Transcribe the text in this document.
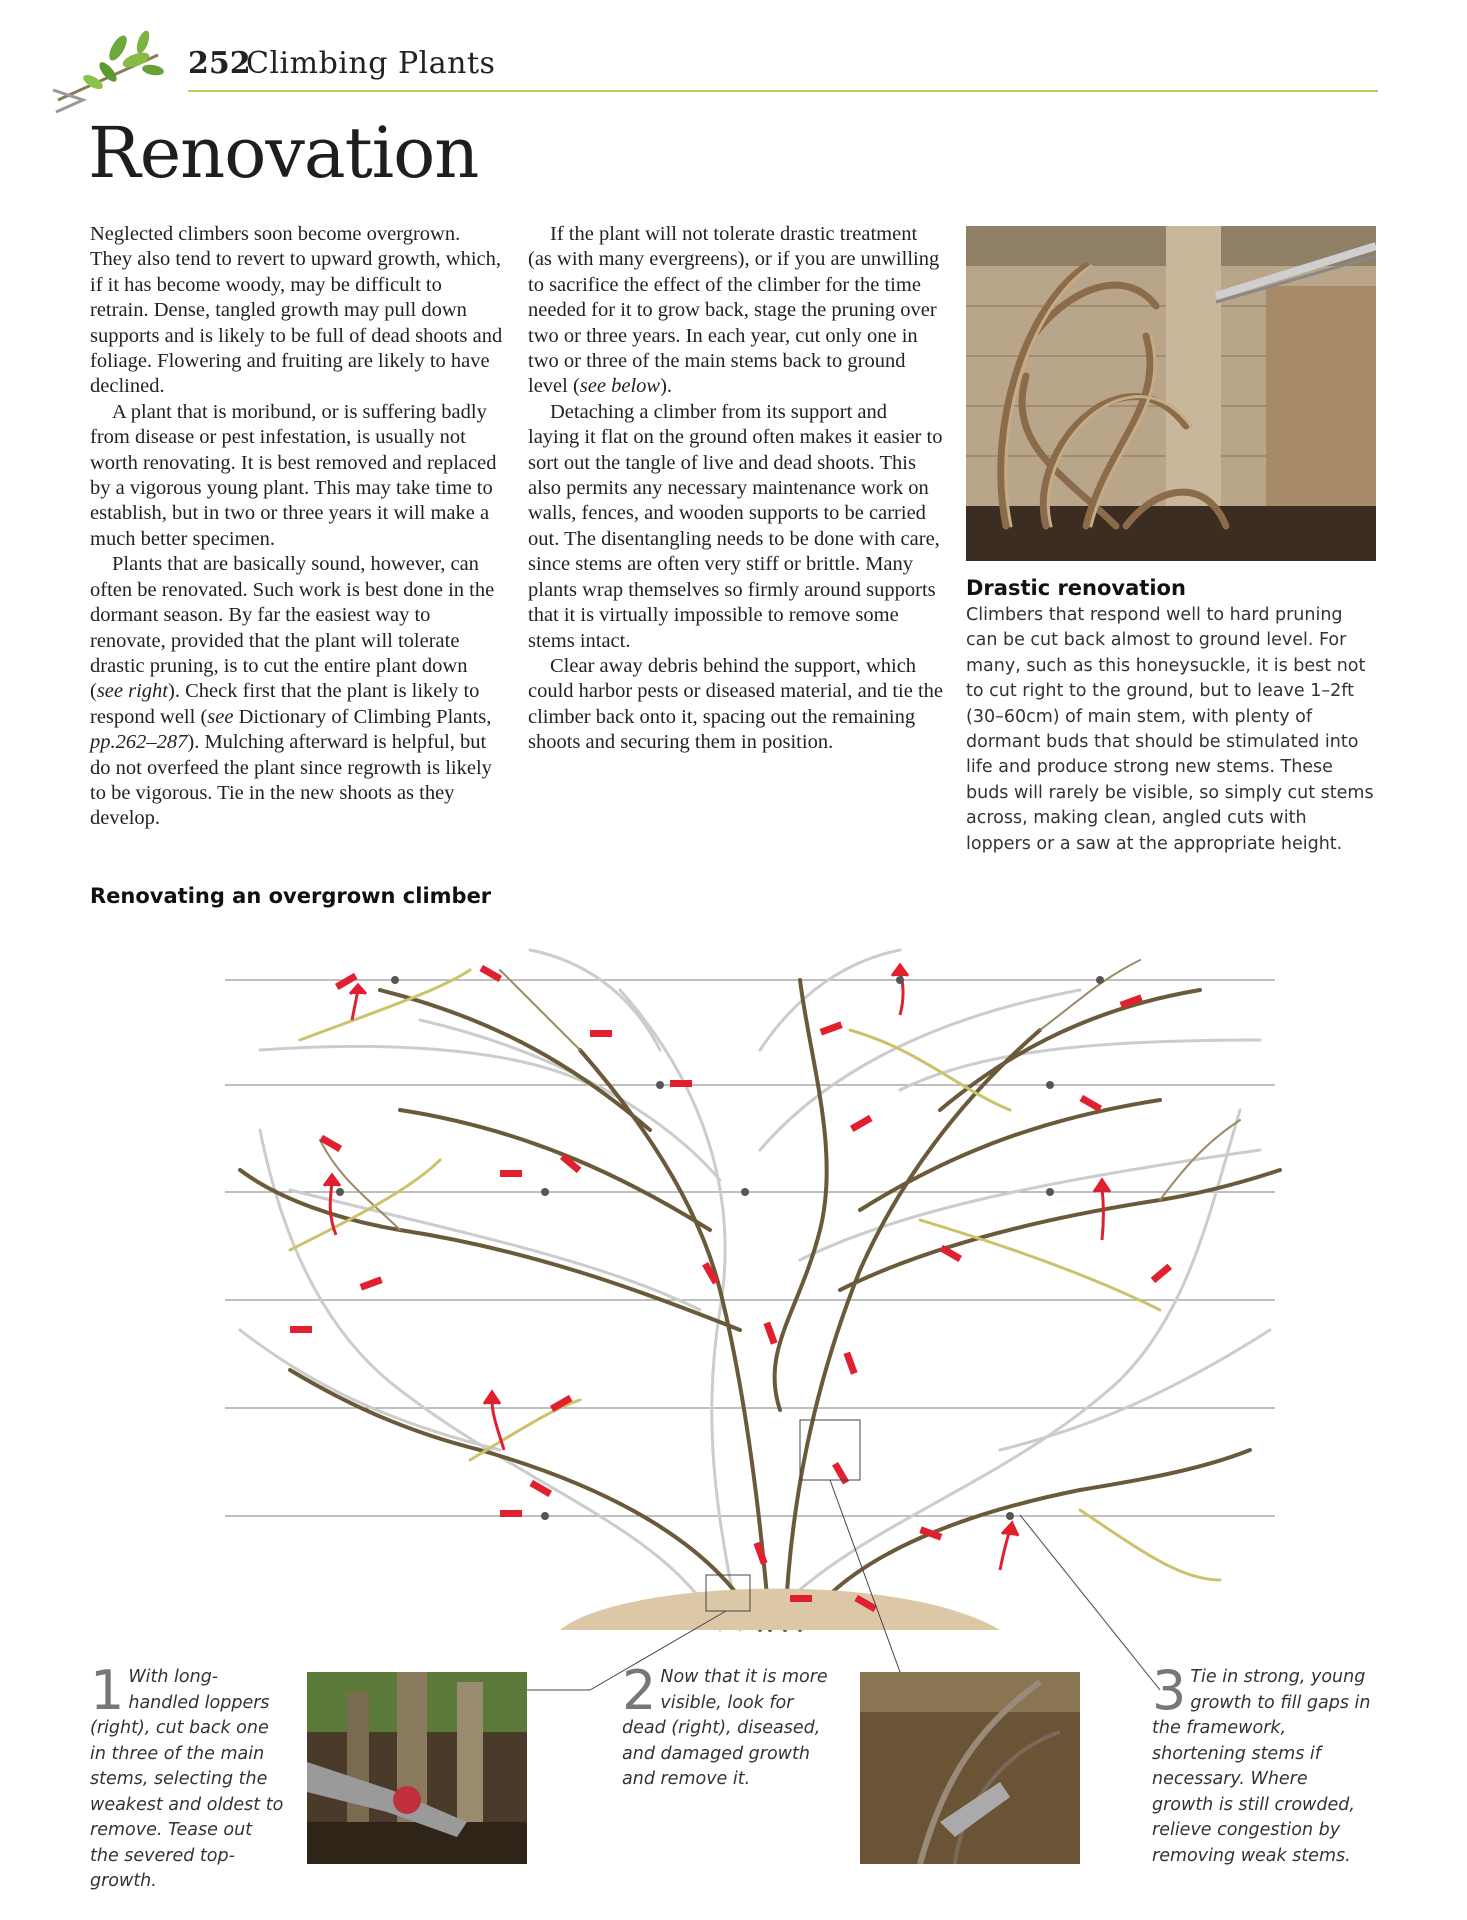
252
Climbing Plants
Renovation

Neglected climbers soon become overgrown. They also tend to revert to upward growth, which, if it has become woody, may be difficult to retrain. Dense, tangled growth may pull down supports and is likely to be full of dead shoots and foliage. Flowering and fruiting are likely to have declined.

A plant that is moribund, or is suffering badly from disease or pest infestation, is usually not worth renovating. It is best removed and replaced by a vigorous young plant. This may take time to establish, but in two or three years it will make a much better specimen.

Plants that are basically sound, however, can often be renovated. Such work is best done in the dormant season. By far the easiest way to renovate, provided that the plant will tolerate drastic pruning, is to cut the entire plant down (see right). Check first that the plant is likely to respond well (see Dictionary of Climbing Plants, pp.262–287). Mulching afterward is helpful, but do not overfeed the plant since regrowth is likely to be vigorous. Tie in the new shoots as they develop.

If the plant will not tolerate drastic treatment (as with many evergreens), or if you are unwilling to sacrifice the effect of the climber for the time needed for it to grow back, stage the pruning over two or three years. In each year, cut only one in two or three of the main stems back to ground level (see below).

Detaching a climber from its support and laying it flat on the ground often makes it easier to sort out the tangle of live and dead shoots. This also permits any necessary maintenance work on walls, fences, and wooden supports to be carried out. The disentangling needs to be done with care, since stems are often very stiff or brittle. Many plants wrap themselves so firmly around supports that it is virtually impossible to remove some stems intact.

Clear away debris behind the support, which could harbor pests or diseased material, and tie the climber back onto it, spacing out the remaining shoots and securing them in position.

Drastic renovation
Climbers that respond well to hard pruning can be cut back almost to ground level. For many, such as this honeysuckle, it is best not to cut right to the ground, but to leave 1–2ft (30–60cm) of main stem, with plenty of dormant buds that should be stimulated into life and produce strong new stems. These buds will rarely be visible, so simply cut stems across, making clean, angled cuts with loppers or a saw at the appropriate height.
Renovating an overgrown climber
1 With long-handled loppers (right), cut back one in three of the main stems, selecting the weakest and oldest to remove. Tease out the severed top-growth.
2 Now that it is more visible, look for dead (right), diseased, and damaged growth and remove it.
3 Tie in strong, young growth to fill gaps in the framework, shortening stems if necessary. Where growth is still crowded, relieve congestion by removing weak stems.
